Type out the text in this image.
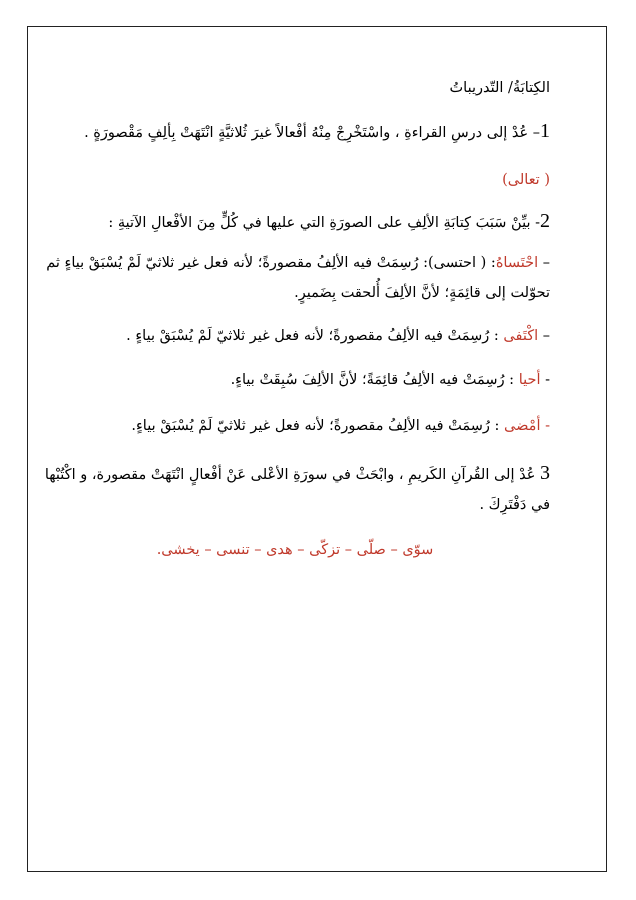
الكِتابَةُ/ التّدريباتُ
1– عُدْ إلى درسِ القراءةِ ، واسْتَخْرِجْ مِنْهُ أفْعالاً غيرَ ثُلاثيَّةٍ انْتَهَتْ بِألِفٍ مَقْصورَةٍ .
( تعالى)
2- بيِّنْ سَبَبَ كِتابَةِ الألِفِ على الصورَةِ التي عليها في كُلٍّ مِنَ الأفْعالِ الآتيةِ :
– احْتَساهُ: ( احتسى): رُسِمَتْ فيه الألِفُ مقصورةً؛ لأنه فعل غير ثلاثيّ لَمْ يُسْبَقْ بياءٍ ثم تحوّلت إلى قائِمَةٍ؛ لأنَّ الألِفَ أُلحقت بِضَميرٍ.
– اكْتَفى : رُسِمَتْ فيه الألِفُ مقصورةً؛ لأنه فعل غير ثلاثيّ لَمْ يُسْبَقْ بياءٍ .
- أحيا : رُسِمَتْ فيه الألِفُ قائِمَةً؛ لأنَّ الألِفَ سُبِقَتْ بياءٍ.
- أمْضى : رُسِمَتْ فيه الألِفُ مقصورةً؛ لأنه فعل غير ثلاثيّ لَمْ يُسْبَقْ بياءٍ.
3 عُدْ إلى القُرآنِ الكَريمِ ، وابْحَثْ في سورَةِ الأعْلى عَنْ أفْعالٍ انْتَهَتْ مقصورة، و اكْتُبْها في دَفْتَرِكَ .
سوّى – صلّى – تزكّى – هدى – تنسى – يخشى.
